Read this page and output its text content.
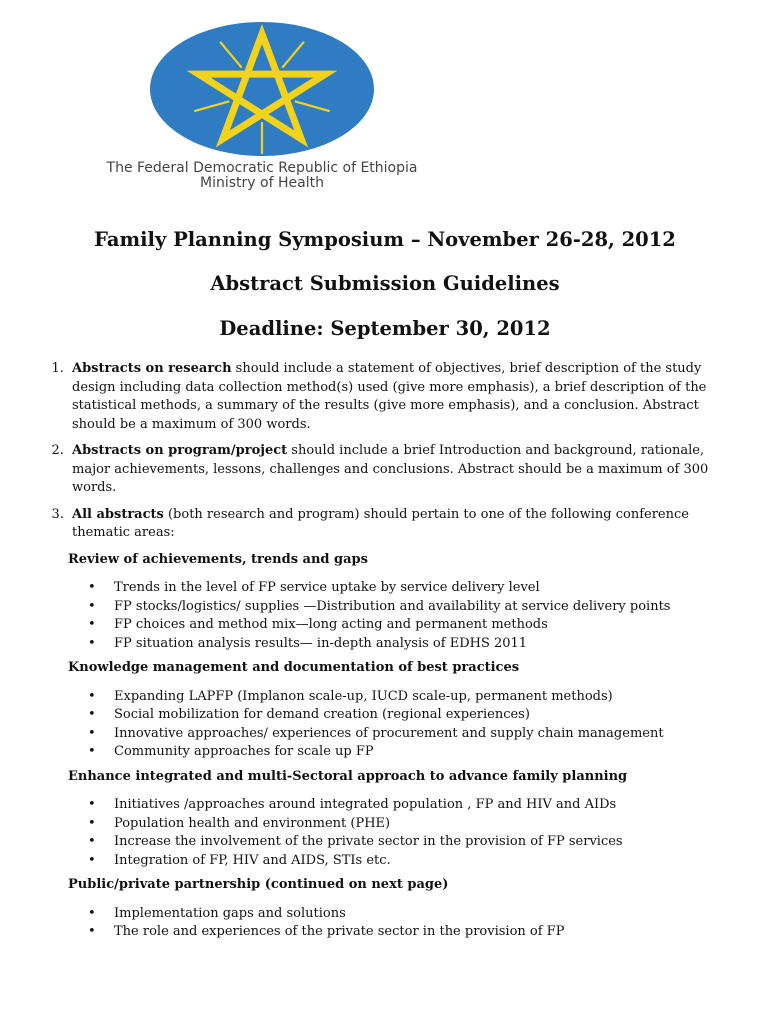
The Federal Democratic Republic of Ethiopia
Ministry of Health
Family Planning Symposium – November 26-28, 2012
Abstract Submission Guidelines
Deadline: September 30, 2012
1. Abstracts on research should include a statement of objectives, brief description of the study design including data collection method(s) used (give more emphasis), a brief description of the statistical methods, a summary of the results (give more emphasis), and a conclusion. Abstract should be a maximum of 300 words.
2. Abstracts on program/project should include a brief Introduction and background, rationale, major achievements, lessons, challenges and conclusions. Abstract should be a maximum of 300 words.
3. All abstracts (both research and program) should pertain to one of the following conference thematic areas:
Review of achievements, trends and gaps
• Trends in the level of FP service uptake by service delivery level
• FP stocks/logistics/ supplies —Distribution and availability at service delivery points
• FP choices and method mix—long acting and permanent methods
• FP situation analysis results— in-depth analysis of EDHS 2011
Knowledge management and documentation of best practices
• Expanding LAPFP (Implanon scale-up, IUCD scale-up, permanent methods)
• Social mobilization for demand creation (regional experiences)
• Innovative approaches/ experiences of procurement and supply chain management
• Community approaches for scale up FP
Enhance integrated and multi-Sectoral approach to advance family planning
• Initiatives /approaches around integrated population , FP and HIV and AIDs
• Population health and environment (PHE)
• Increase the involvement of the private sector in the provision of FP services
• Integration of FP, HIV and AIDS, STIs etc.
Public/private partnership (continued on next page)
• Implementation gaps and solutions
• The role and experiences of the private sector in the provision of FP
